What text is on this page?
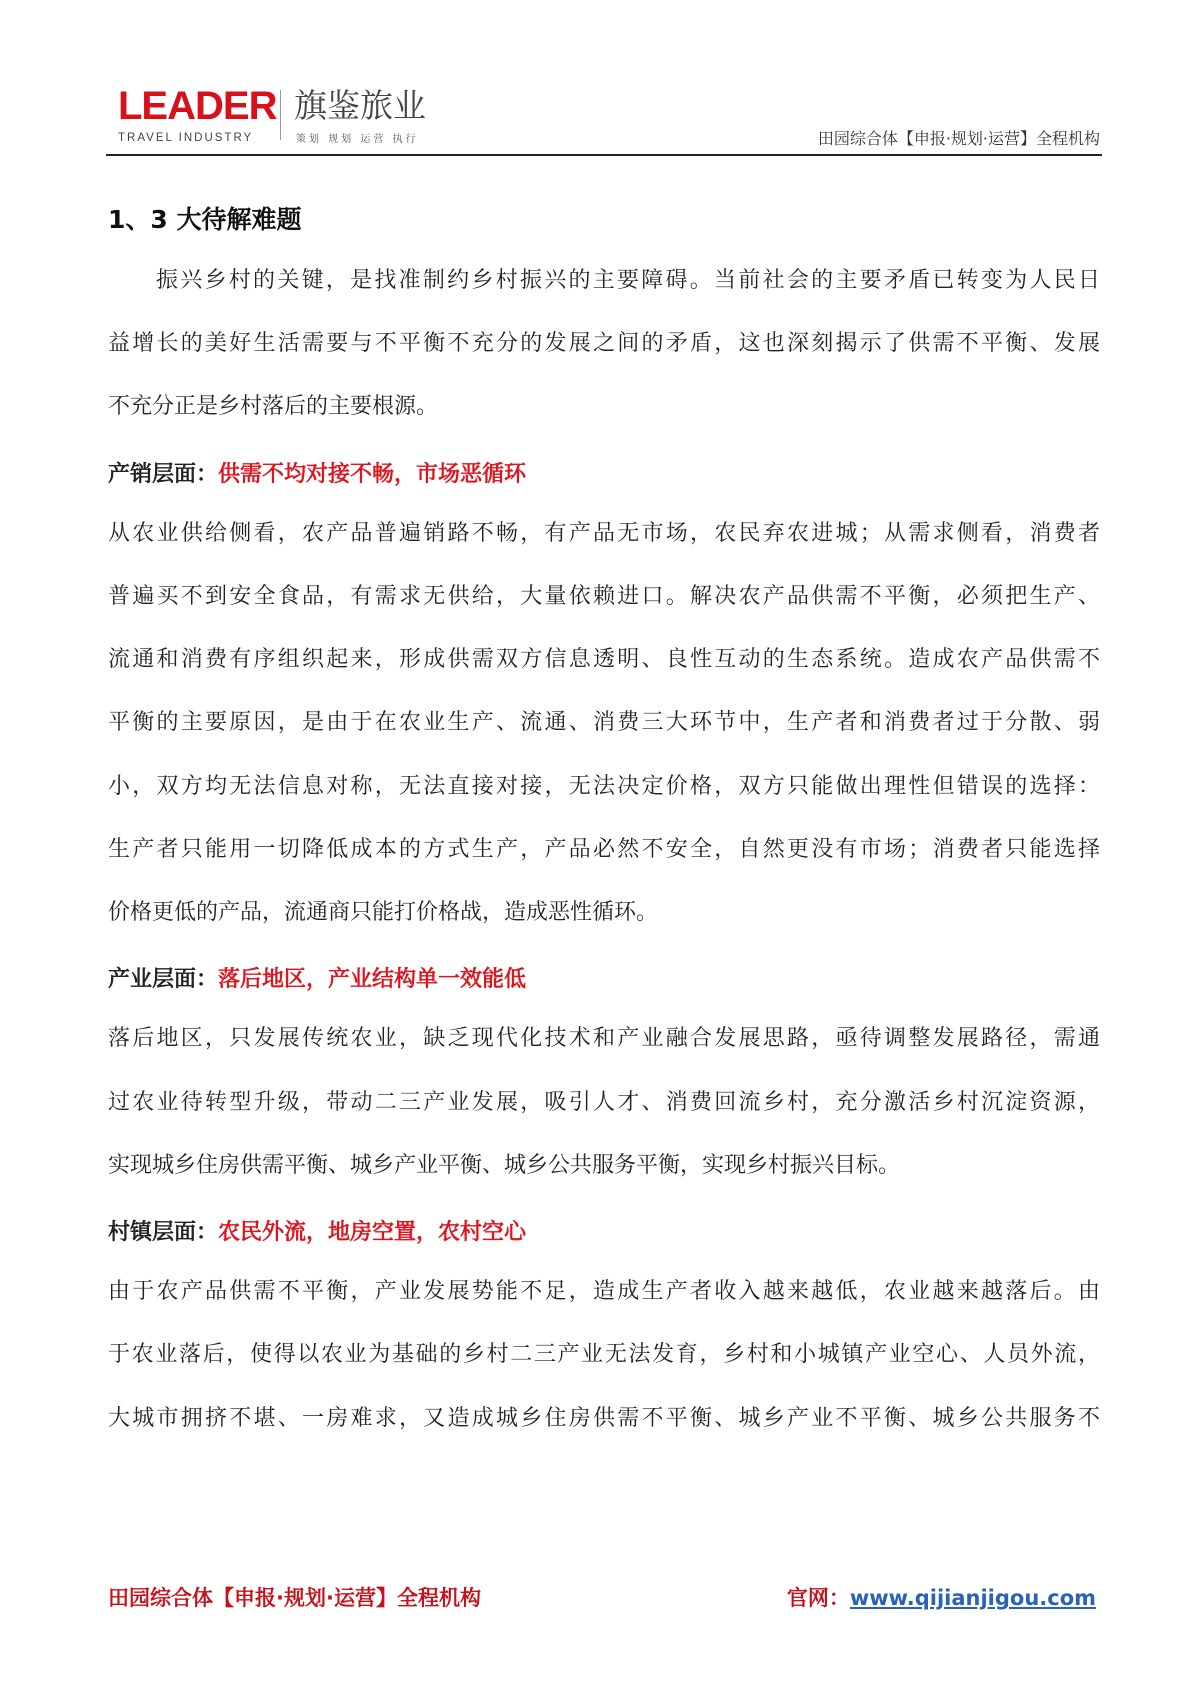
LEADER
TRAVEL INDUSTRY
旗鉴旅业
策划 规划 运营 执行	田园综合体【申报·规划·运营】全程机构
1、3 大待解难题
振兴乡村的关键，是找准制约乡村振兴的主要障碍。当前社会的主要矛盾已转变为人民日
益增长的美好生活需要与不平衡不充分的发展之间的矛盾，这也深刻揭示了供需不平衡、发展
不充分正是乡村落后的主要根源。
产销层面：供需不均对接不畅，市场恶循环
从农业供给侧看，农产品普遍销路不畅，有产品无市场，农民弃农进城；从需求侧看，消费者
普遍买不到安全食品，有需求无供给，大量依赖进口。解决农产品供需不平衡，必须把生产、
流通和消费有序组织起来，形成供需双方信息透明、良性互动的生态系统。造成农产品供需不
平衡的主要原因，是由于在农业生产、流通、消费三大环节中，生产者和消费者过于分散、弱
小，双方均无法信息对称，无法直接对接，无法决定价格，双方只能做出理性但错误的选择：
生产者只能用一切降低成本的方式生产，产品必然不安全，自然更没有市场；消费者只能选择
价格更低的产品，流通商只能打价格战，造成恶性循环。
产业层面：落后地区，产业结构单一效能低
落后地区，只发展传统农业，缺乏现代化技术和产业融合发展思路，亟待调整发展路径，需通
过农业待转型升级，带动二三产业发展，吸引人才、消费回流乡村，充分激活乡村沉淀资源，
实现城乡住房供需平衡、城乡产业平衡、城乡公共服务平衡，实现乡村振兴目标。
村镇层面：农民外流，地房空置，农村空心
由于农产品供需不平衡，产业发展势能不足，造成生产者收入越来越低，农业越来越落后。由
于农业落后，使得以农业为基础的乡村二三产业无法发育，乡村和小城镇产业空心、人员外流，
大城市拥挤不堪、一房难求，又造成城乡住房供需不平衡、城乡产业不平衡、城乡公共服务不
田园综合体【申报·规划·运营】全程机构	官网：www.qijianjigou.com
